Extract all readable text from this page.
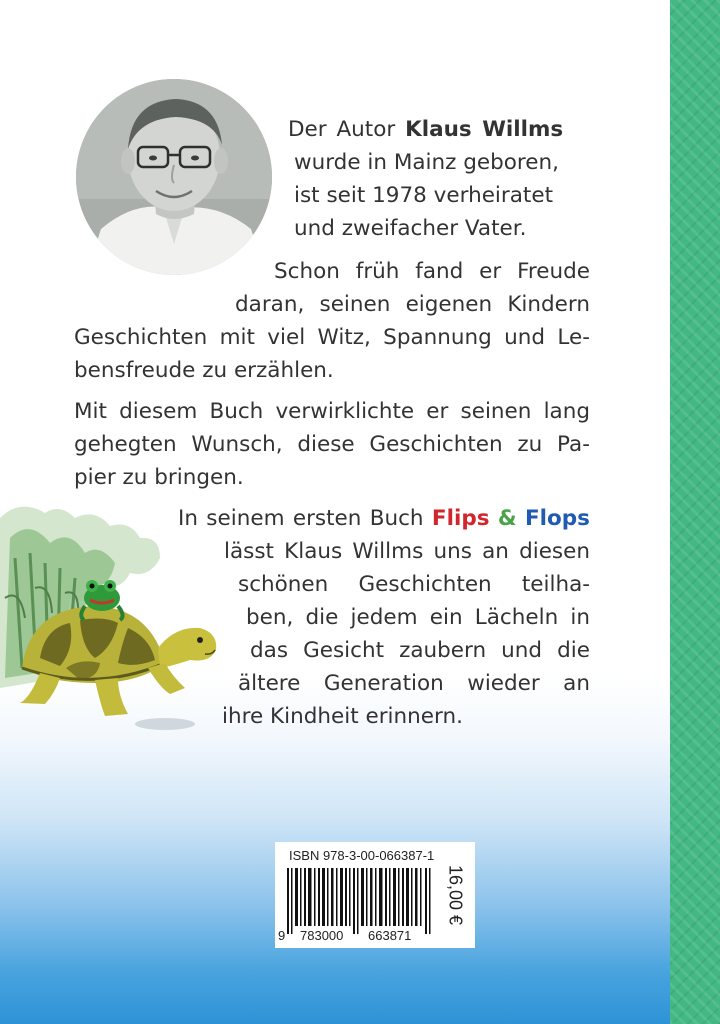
Der Autor Klaus Willms
wurde in Mainz geboren,
ist seit 1978 verheiratet
und zweifacher Vater.
Schon früh fand er Freude
daran, seinen eigenen Kindern
Geschichten mit viel Witz, Spannung und Le-
bensfreude zu erzählen.
Mit diesem Buch verwirklichte er seinen lang
gehegten Wunsch, diese Geschichten zu Pa-
pier zu bringen.
In seinem ersten Buch Flips & Flops
lässt Klaus Willms uns an diesen
schönen Geschichten teilha-
ben, die jedem ein Lächeln in
das Gesicht zaubern und die
ältere Generation wieder an
ihre Kindheit erinnern.
ISBN 978-3-00-066387-1
9 783000 663871
16,00 €
